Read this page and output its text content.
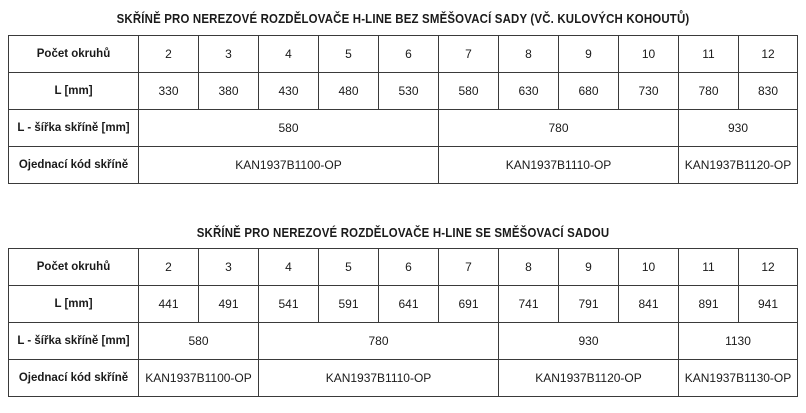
SKŘÍNĚ PRO NEREZOVÉ ROZDĚLOVAČE H-LINE BEZ SMĚŠOVACÍ SADY (VČ. KULOVÝCH KOHOUTŮ)
Počet okruhů	2	3	4	5	6	7	8	9	10	11	12
L [mm]	330	380	430	480	530	580	630	680	730	780	830
L - šířka skříně [mm]	580					780				930	
Ojednací kód skříně	KAN1937B1100-OP					KAN1937B1110-OP				KAN1937B1120-OP	
SKŘÍNĚ PRO NEREZOVÉ ROZDĚLOVAČE H-LINE SE SMĚŠOVACÍ SADOU
Počet okruhů	2	3	4	5	6	7	8	9	10	11	12
L [mm]	441	491	541	591	641	691	741	791	841	891	941
L - šířka skříně [mm]	580		780				930			1130	
Ojednací kód skříně	KAN1937B1100-OP		KAN1937B1110-OP				KAN1937B1120-OP			KAN1937B1130-OP	
